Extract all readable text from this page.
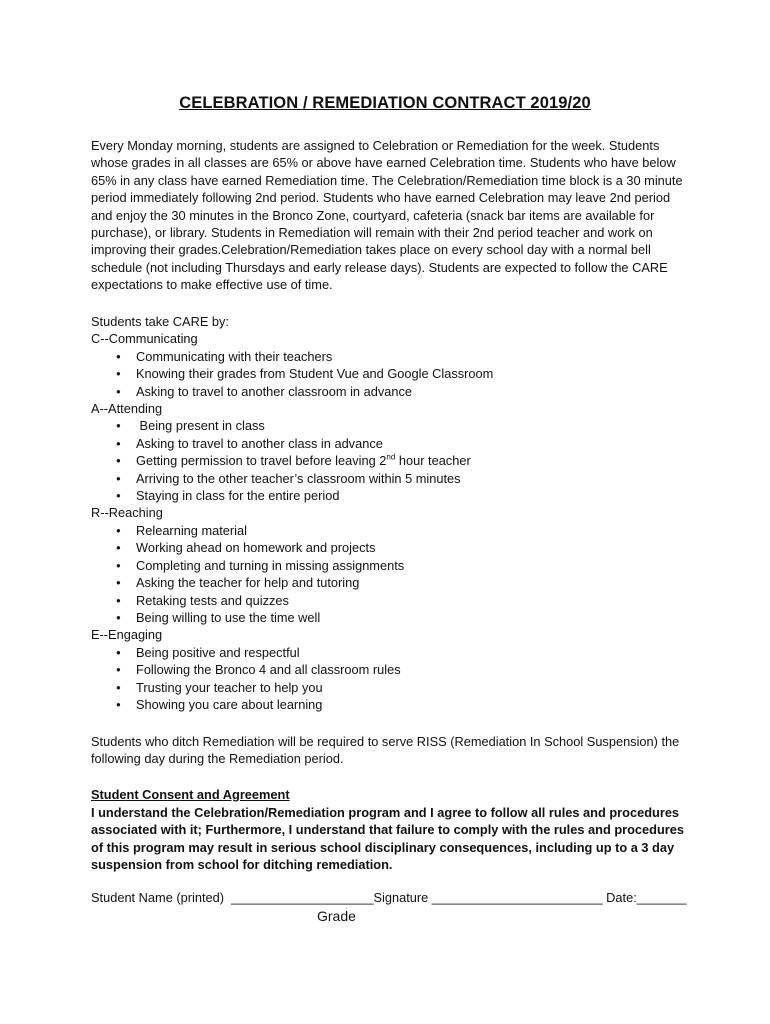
CELEBRATION / REMEDIATION CONTRACT 2019/20
Every Monday morning, students are assigned to Celebration or Remediation for the week. Students whose grades in all classes are 65% or above have earned Celebration time. Students who have below 65% in any class have earned Remediation time. The Celebration/Remediation time block is a 30 minute period immediately following 2nd period. Students who have earned Celebration may leave 2nd period and enjoy the 30 minutes in the Bronco Zone, courtyard, cafeteria (snack bar items are available for purchase), or library. Students in Remediation will remain with their 2nd period teacher and work on improving their grades.Celebration/Remediation takes place on every school day with a normal bell schedule (not including Thursdays and early release days). Students are expected to follow the CARE expectations to make effective use of time.

Students take CARE by:

C--Communicating

● Communicating with their teachers
● Knowing their grades from Student Vue and Google Classroom
● Asking to travel to another classroom in advance

A--Attending

●  Being present in class
● Asking to travel to another class in advance
● Getting permission to travel before leaving 2nd hour teacher
● Arriving to the other teacher’s classroom within 5 minutes
● Staying in class for the entire period

R--Reaching

● Relearning material
● Working ahead on homework and projects
● Completing and turning in missing assignments
● Asking the teacher for help and tutoring
● Retaking tests and quizzes
● Being willing to use the time well

E--Engaging

● Being positive and respectful
● Following the Bronco 4 and all classroom rules
● Trusting your teacher to help you
● Showing you care about learning
Students who ditch Remediation will be required to serve RISS (Remediation In School Suspension) the following day during the Remediation period.
Student Consent and Agreement
I understand the Celebration/Remediation program and I agree to follow all rules and procedures associated with it; Furthermore, I understand that failure to comply with the rules and procedures of this program may result in serious school disciplinary consequences, including up to a 3 day suspension from school for ditching remediation.
Student Name (printed)  ____________________Signature ________________________ Date:_______
Grade
